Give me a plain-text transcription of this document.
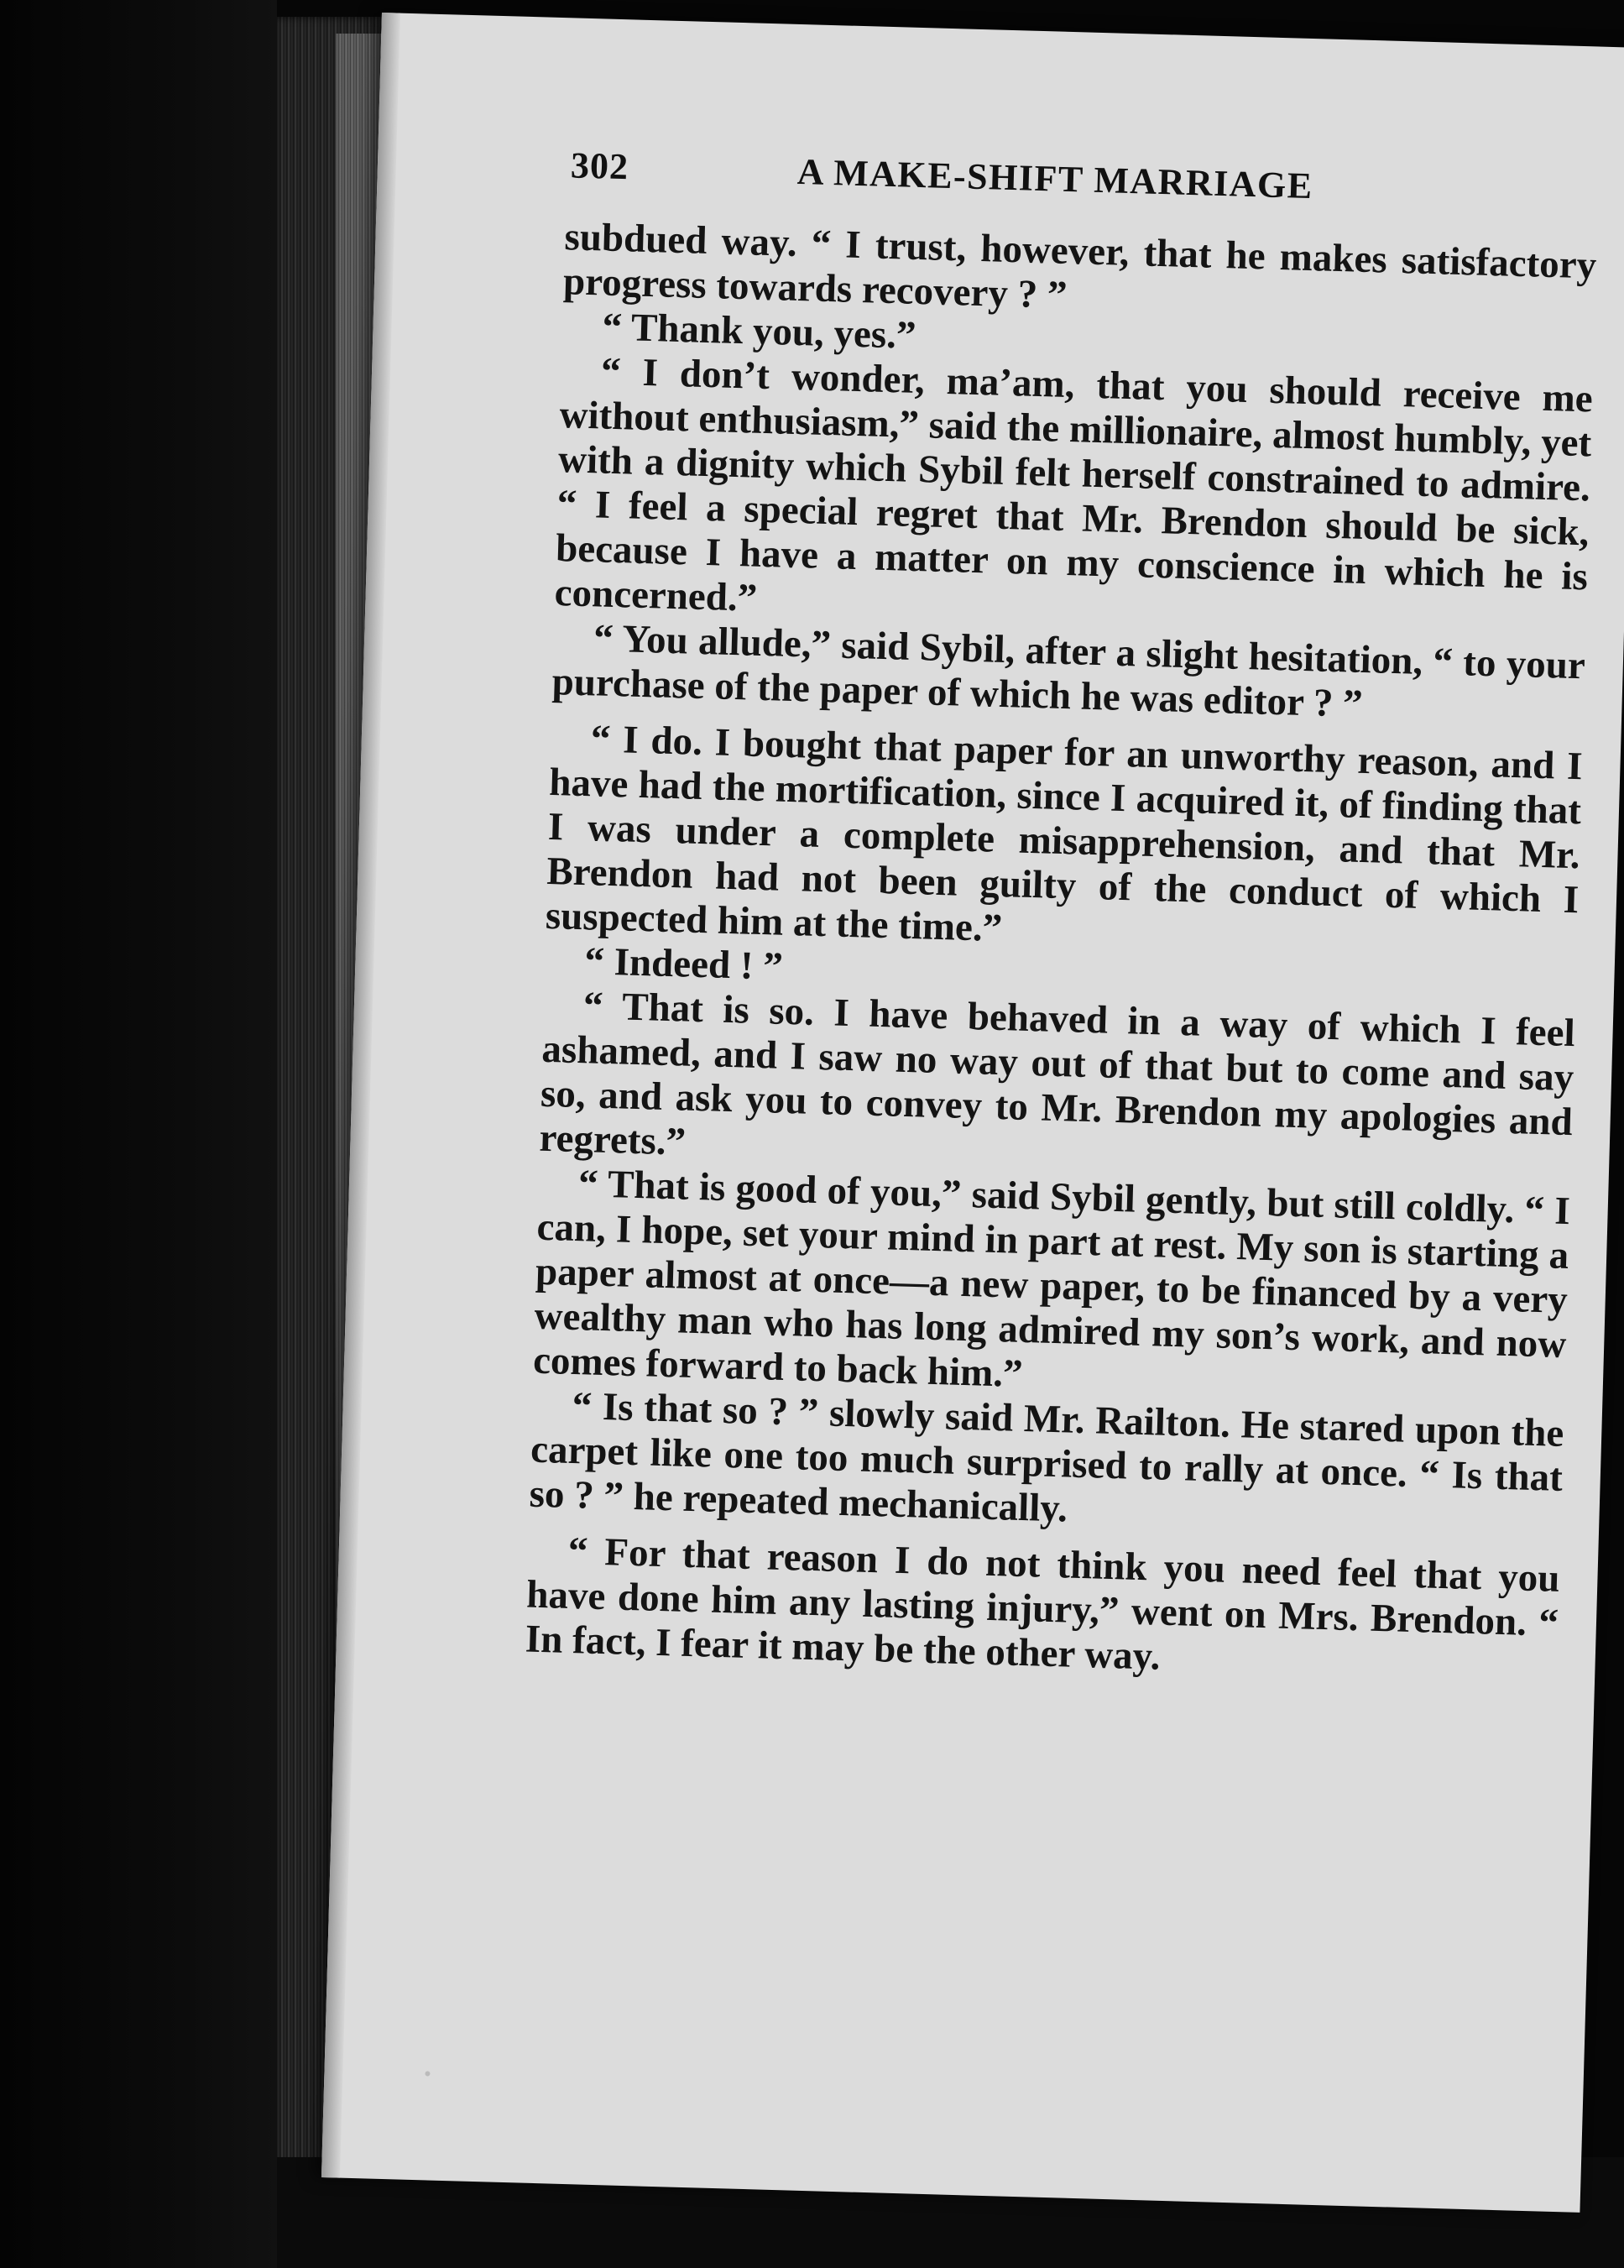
302	A MAKE-SHIFT MARRIAGE

subdued way. “ I trust, however, that he makes satisfactory progress towards recovery ? ”

“ Thank you, yes.”

“ I don’t wonder, ma’am, that you should receive me without enthusiasm,” said the millionaire, almost humbly, yet with a dignity which Sybil felt herself constrained to admire. “ I feel a special regret that Mr. Brendon should be sick, because I have a matter on my conscience in which he is concerned.”

“ You allude,” said Sybil, after a slight hesitation, “ to your purchase of the paper of which he was editor ? ”

“ I do. I bought that paper for an unworthy reason, and I have had the mortification, since I acquired it, of finding that I was under a complete misapprehension, and that Mr. Brendon had not been guilty of the conduct of which I suspected him at the time.”

“ Indeed ! ”

“ That is so. I have behaved in a way of which I feel ashamed, and I saw no way out of that but to come and say so, and ask you to convey to Mr. Brendon my apologies and regrets.”

“ That is good of you,” said Sybil gently, but still coldly. “ I can, I hope, set your mind in part at rest. My son is starting a paper almost at once—a new paper, to be financed by a very wealthy man who has long admired my son’s work, and now comes forward to back him.”

“ Is that so ? ” slowly said Mr. Railton. He stared upon the carpet like one too much surprised to rally at once. “ Is that so ? ” he repeated mechanically.

“ For that reason I do not think you need feel that you have done him any lasting injury,” went on Mrs. Brendon. “ In fact, I fear it may be the other way.
